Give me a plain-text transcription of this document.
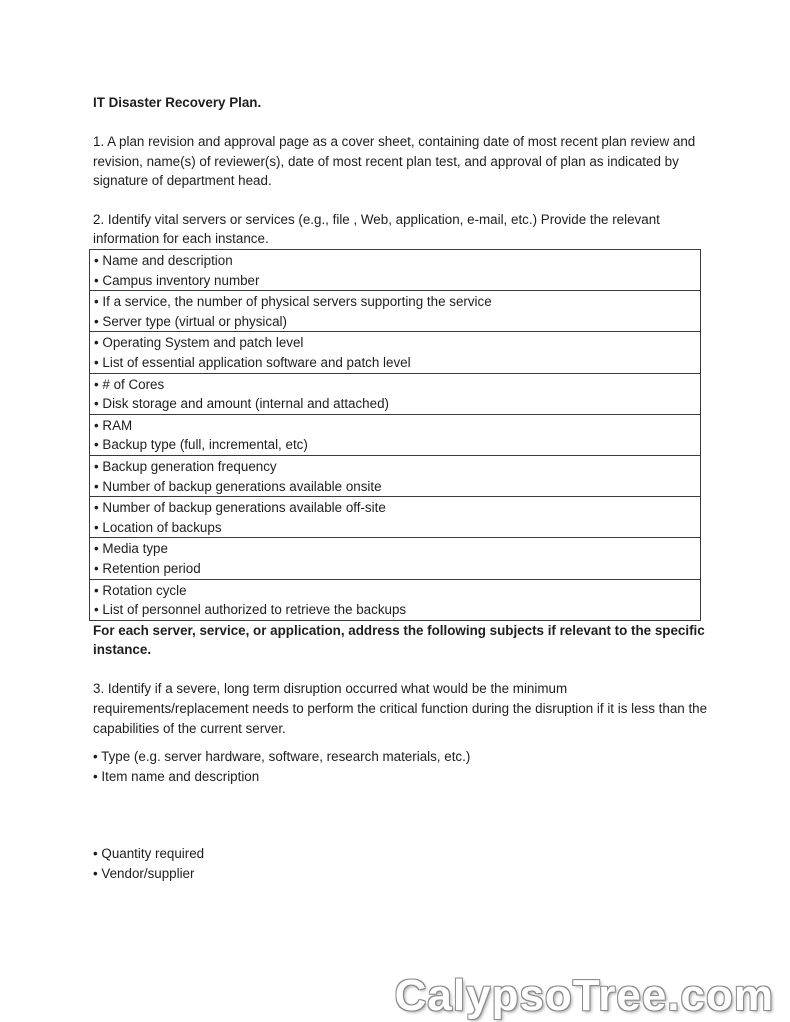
IT Disaster Recovery Plan.

1. A plan revision and approval page as a cover sheet, containing date of most recent plan review and revision, name(s) of reviewer(s), date of most recent plan test, and approval of plan as indicated by signature of department head.

2. Identify vital servers or services (e.g., file , Web, application, e-mail, etc.) Provide the relevant information for each instance.

• Name and description
• Campus inventory number

• If a service, the number of physical servers supporting the service
• Server type (virtual or physical)

• Operating System and patch level
• List of essential application software and patch level

• # of Cores
• Disk storage and amount (internal and attached)

• RAM
• Backup type (full, incremental, etc)

• Backup generation frequency
• Number of backup generations available onsite

• Number of backup generations available off-site
• Location of backups

• Media type
• Retention period

• Rotation cycle
• List of personnel authorized to retrieve the backups

For each server, service, or application, address the following subjects if relevant to the specific instance.

3. Identify if a severe, long term disruption occurred what would be the minimum requirements/replacement needs to perform the critical function during the disruption if it is less than the capabilities of the current server.

• Type (e.g. server hardware, software, research materials, etc.)
• Item name and description
• Quantity required
• Vendor/supplier
CalypsoTree.com
